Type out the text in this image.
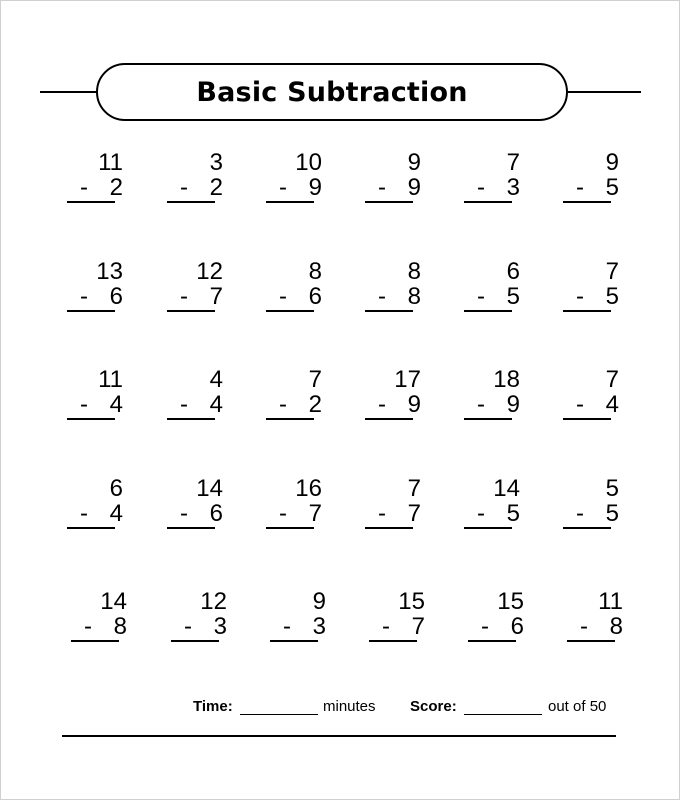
Basic Subtraction
11
- 2
3
- 2
10
- 9
9
- 9
7
- 3
9
- 5
13
- 6
12
- 7
8
- 6
8
- 8
6
- 5
7
- 5
11
- 4
4
- 4
7
- 2
17
- 9
18
- 9
7
- 4
6
- 4
14
- 6
16
- 7
7
- 7
14
- 5
5
- 5
14
- 8
12
- 3
9
- 3
15
- 7
15
- 6
11
- 8
Time:	minutes Score:	out of 50
